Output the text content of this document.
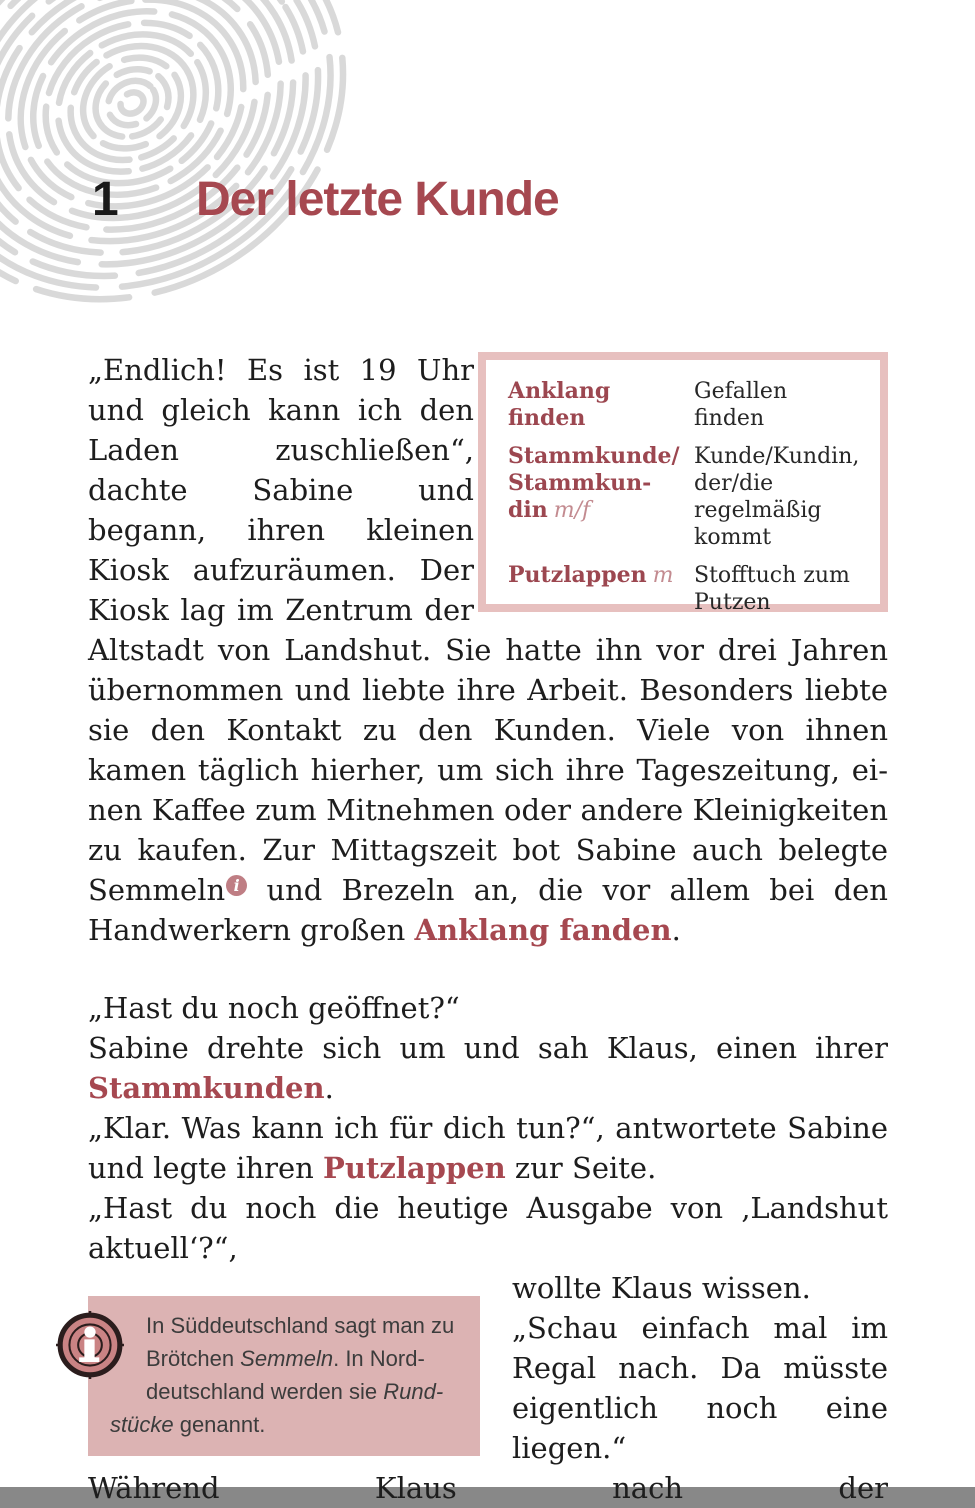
1 Der letzte Kunde
Anklang finden
Gefallen finden
Stammkunde/​Stammkundin m/f
Kunde/​Kundin, der/die regelmäßig kommt
Putzlappen m Stofftuch zum Putzen

„Endlich! Es ist 19 Uhr und gleich kann ich den Laden zuschließen“, dachte Sabine und begann, ihren kleinen Kiosk aufzuräumen. Der Kiosk lag im Zentrum der Altstadt von Landshut. Sie hatte ihn vor drei Jahren übernommen und liebte ihre Arbeit. Besonders liebte sie den Kontakt zu den Kunden. Viele von ihnen kamen täglich hierher, um sich ihre Tageszeitung, einen Kaffee zum Mitnehmen oder andere Kleinigkeiten zu kaufen. Zur Mittagszeit bot Sabine auch belegte Semmeln i und Brezeln an, die vor allem bei den Handwerkern großen Anklang fanden.

„Hast du noch geöffnet?“

Sabine drehte sich um und sah Klaus, einen ihrer Stammkunden.

„Klar. Was kann ich für dich tun?“, antwortete Sabine und legte ihren Putzlappen zur Seite.

„Hast du noch die heutige Ausgabe von ‚Landshut aktuell‘?“,

In Süddeutschland sagt man zu Brötchen Semmeln. In Norddeutschland werden sie Rundstücke genannt.

wollte Klaus wissen.

„Schau einfach mal im Regal nach. Da müsste eigentlich noch eine liegen.“

Während Klaus nach der
